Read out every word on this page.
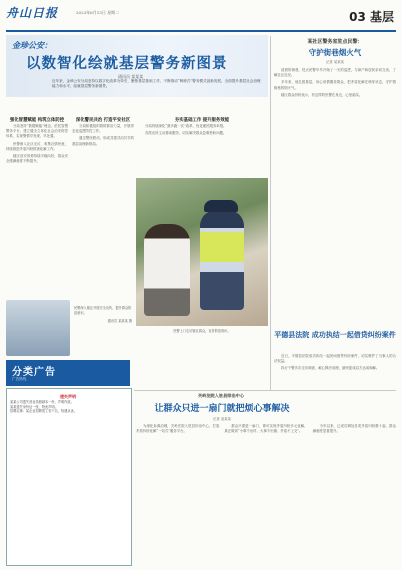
舟山日报	2023年6月13日 星期二	03 基层
金珍公安：
以数智化绘就基层警务新图景
通讯员 某某某
近年来，金珍公安分局坚持以数字化改革为牵引，聚焦基层基础工作，不断推动“枫桥式”警务模式创新发展，全面提升基层社会治理能力和水平，绘就基层警务新图景。
强化智慧赋能 构筑立体防控

分局坚持“数据赋能”理念，依托智慧警务平台，建立健全立体化社会治安防控体系，实现警情早发现、早处置。

民警深入社区走访，收集社情民意，持续推进矛盾纠纷排查化解工作。

辖区治安形势持续平稳向好，群众安全感满意度不断提升。

深化警民共治 打造平安社区

分局积极组织群防群治力量，开展常态化巡逻防控工作。

通过警民联动，形成共建共治共享的基层治理新格局。

夯实基础工作 提升服务效能

分局持续深化“最多跑一次”改革，优化便民服务举措。

各派出所主动靠前服务，切实解决群众急难愁盼问题。

民警上门走访辖区群众，宣传防范知识。
民警深入辖区开展安全宣传，提升群众防范意识。
通讯员 某某某 摄
某社区警务室驻点民警：
守护街巷烟火气
记者 某某某

清晨的街巷，驻点民警早早开始了一天的巡逻，与商户和居民亲切交谈，了解社区近况。

多年来，他扎根基层，用心用情服务群众，把矛盾化解在萌芽状态，守护着街巷的烟火气。

辖区群众纷纷表示，有这样的民警在身边，心里踏实。

平德县法院 成功执结一起借贷纠纷案件

近日，平德县法院成功执结一起民间借贷纠纷案件，切实维护了当事人的合法权益。

执行干警多次走访调查，耐心释法说理，最终促成双方达成和解。

分类广告
广告热线
遗失声明
某某公司遗失营业执照副本一份，声明作废。
某某遗失身份证一张，特此声明。
招聘启事：某企业招聘普工若干名，待遇从优。
关岭法院入驻县综治中心
让群众只进一扇门就把烦心事解决
记者 某某某

为深化诉源治理，关岭法院入驻县综治中心，打造矛盾纠纷化解“一站式”服务平台。

群众只需进一扇门，即可实现矛盾纠纷多元化解，真正做到“小事不出村、大事不出镇、矛盾不上交”。

今年以来，已成功调处各类矛盾纠纷数十起，群众满意度显著提升。
